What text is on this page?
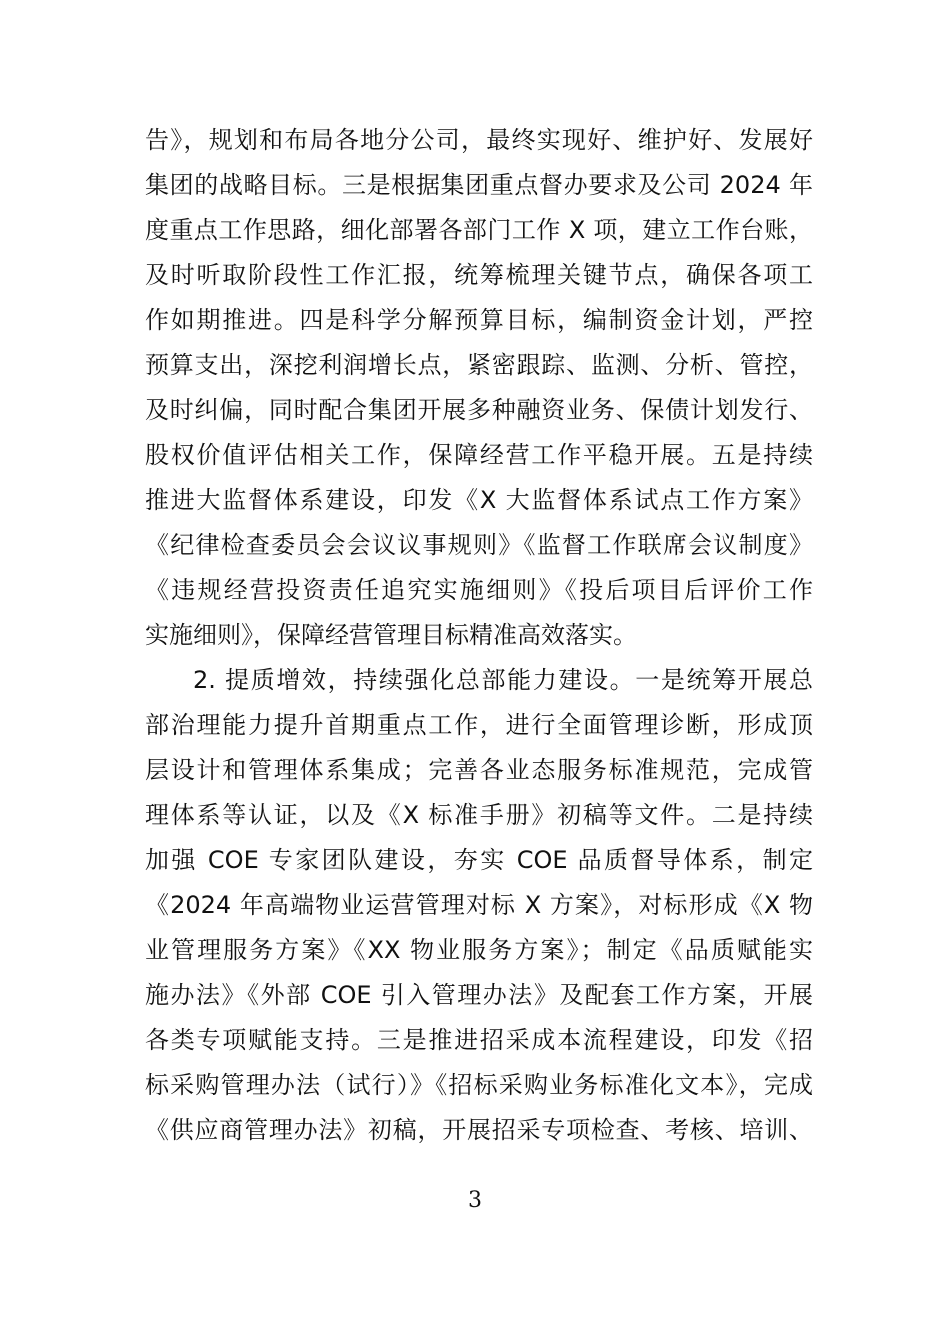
告》，规划和布局各地分公司，最终实现好、维护好、发展好
集团的战略目标。三是根据集团重点督办要求及公司 2024 年
度重点工作思路，细化部署各部门工作 X 项，建立工作台账，
及时听取阶段性工作汇报，统筹梳理关键节点，确保各项工
作如期推进。四是科学分解预算目标，编制资金计划，严控
预算支出，深挖利润增长点，紧密跟踪、监测、分析、管控，
及时纠偏，同时配合集团开展多种融资业务、保债计划发行、
股权价值评估相关工作，保障经营工作平稳开展。五是持续
推进大监督体系建设，印发《X 大监督体系试点工作方案》
《纪律检查委员会会议议事规则》《监督工作联席会议制度》
《违规经营投资责任追究实施细则》《投后项目后评价工作
实施细则》，保障经营管理目标精准高效落实。
2. 提质增效，持续强化总部能力建设。一是统筹开展总
部治理能力提升首期重点工作，进行全面管理诊断，形成顶
层设计和管理体系集成；完善各业态服务标准规范，完成管
理体系等认证，以及《X 标准手册》初稿等文件。二是持续
加强 COE 专家团队建设，夯实 COE 品质督导体系，制定
《2024 年高端物业运营管理对标 X 方案》，对标形成《X 物
业管理服务方案》《XX 物业服务方案》；制定《品质赋能实
施办法》《外部 COE 引入管理办法》及配套工作方案，开展
各类专项赋能支持。三是推进招采成本流程建设，印发《招
标采购管理办法（试行）》《招标采购业务标准化文本》，完成
《供应商管理办法》初稿，开展招采专项检查、考核、培训、
3
